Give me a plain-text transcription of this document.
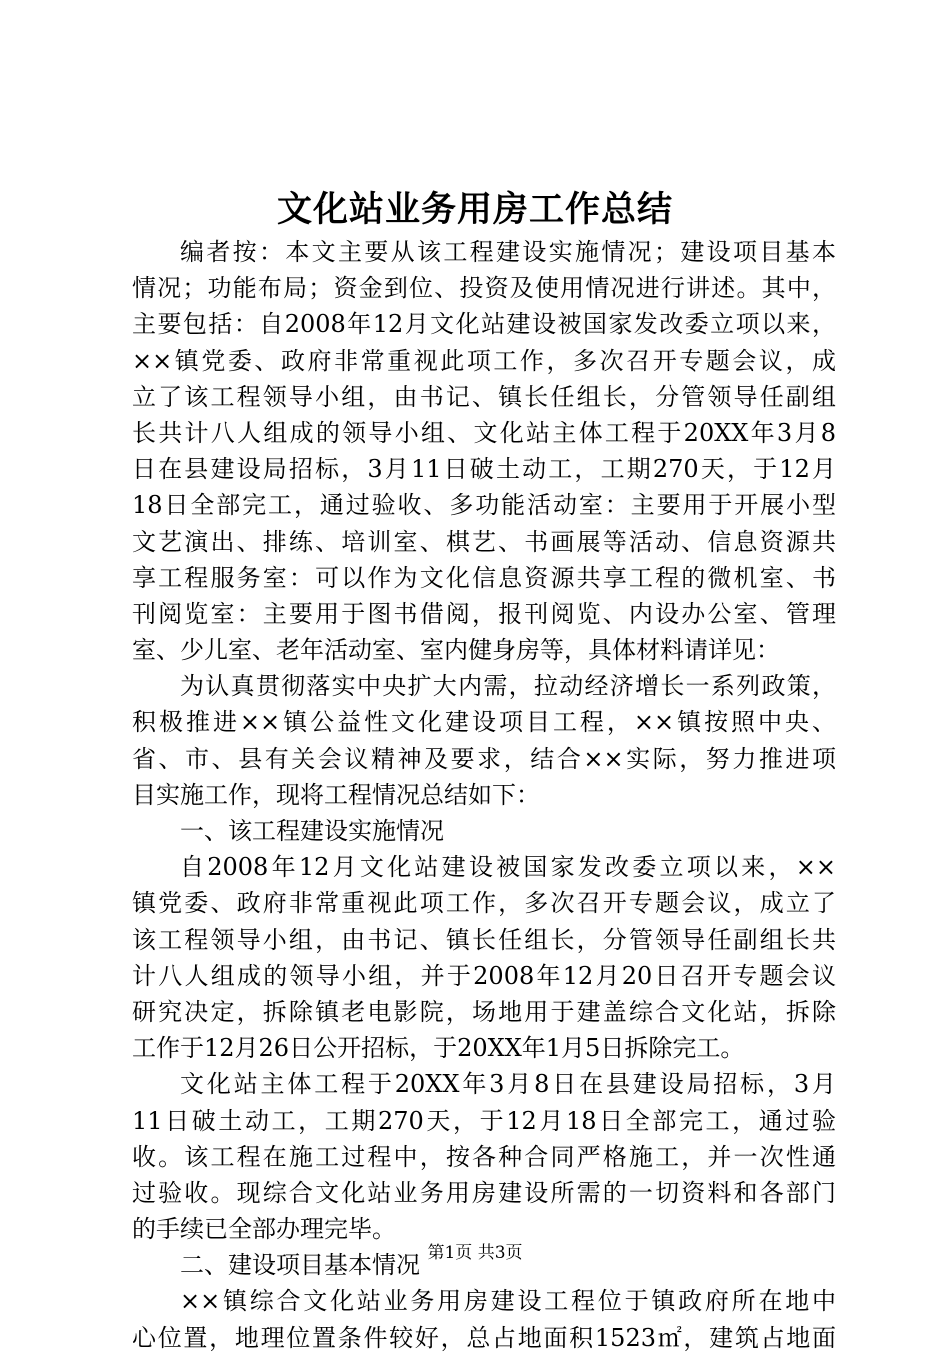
文化站业务用房工作总结
编者按：本文主要从该工程建设实施情况；建设项目基本
情况；功能布局；资金到位、投资及使用情况进行讲述。其中，
主要包括：自2008年12月文化站建设被国家发改委立项以来，
××镇党委、政府非常重视此项工作，多次召开专题会议，成
立了该工程领导小组，由书记、镇长任组长，分管领导任副组
长共计八人组成的领导小组、文化站主体工程于20XX年3月8
日在县建设局招标，3月11日破土动工，工期270天，于12月
18日全部完工，通过验收、多功能活动室：主要用于开展小型
文艺演出、排练、培训室、棋艺、书画展等活动、信息资源共
享工程服务室：可以作为文化信息资源共享工程的微机室、书
刊阅览室：主要用于图书借阅，报刊阅览、内设办公室、管理
室、少儿室、老年活动室、室内健身房等，具体材料请详见：
为认真贯彻落实中央扩大内需，拉动经济增长一系列政策，
积极推进××镇公益性文化建设项目工程，××镇按照中央、
省、市、县有关会议精神及要求，结合××实际，努力推进项
目实施工作，现将工程情况总结如下：
一、该工程建设实施情况
自2008年12月文化站建设被国家发改委立项以来，××
镇党委、政府非常重视此项工作，多次召开专题会议，成立了
该工程领导小组，由书记、镇长任组长，分管领导任副组长共
计八人组成的领导小组，并于2008年12月20日召开专题会议
研究决定，拆除镇老电影院，场地用于建盖综合文化站，拆除
工作于12月26日公开招标，于20XX年1月5日拆除完工。
文化站主体工程于20XX年3月8日在县建设局招标，3月
11日破土动工，工期270天，于12月18日全部完工，通过验
收。该工程在施工过程中，按各种合同严格施工，并一次性通
过验收。现综合文化站业务用房建设所需的一切资料和各部门
的手续已全部办理完毕。
二、建设项目基本情况
××镇综合文化站业务用房建设工程位于镇政府所在地中
心位置，地理位置条件较好，总占地面积1523㎡，建筑占地面
第1页 共3页
